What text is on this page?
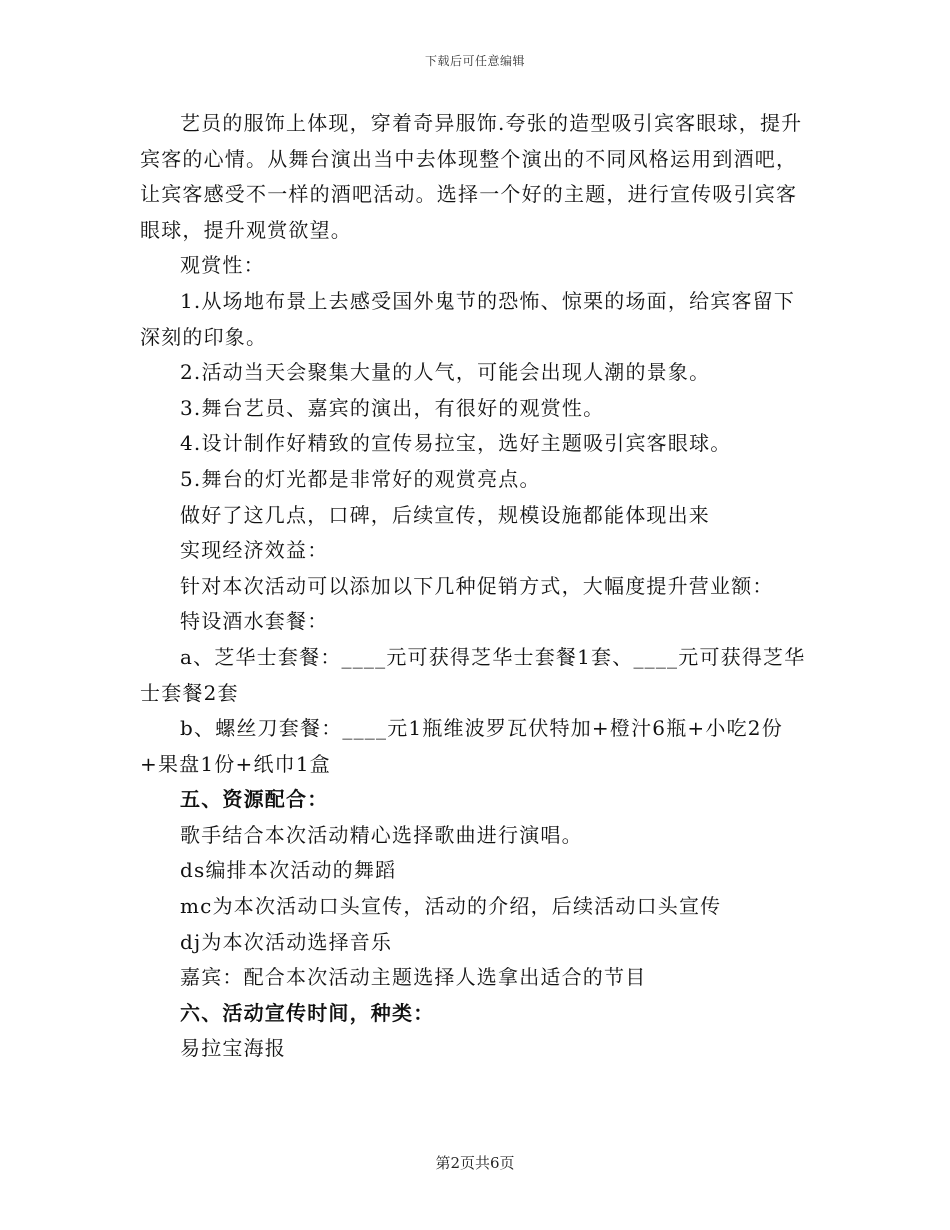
下载后可任意编辑

艺员的服饰上体现，穿着奇异服饰.夸张的造型吸引宾客眼球，提升宾客的心情。从舞台演出当中去体现整个演出的不同风格运用到酒吧，让宾客感受不一样的酒吧活动。选择一个好的主题，进行宣传吸引宾客眼球，提升观赏欲望。

观赏性：

1.从场地布景上去感受国外鬼节的恐怖、惊栗的场面，给宾客留下深刻的印象。

2.活动当天会聚集大量的人气，可能会出现人潮的景象。

3.舞台艺员、嘉宾的演出，有很好的观赏性。

4.设计制作好精致的宣传易拉宝，选好主题吸引宾客眼球。

5.舞台的灯光都是非常好的观赏亮点。

做好了这几点，口碑，后续宣传，规模设施都能体现出来

实现经济效益：

针对本次活动可以添加以下几种促销方式，大幅度提升营业额：

特设酒水套餐：

a、芝华士套餐：____元可获得芝华士套餐1套、____元可获得芝华士套餐2套

b、螺丝刀套餐：____元1瓶维波罗瓦伏特加+橙汁6瓶+小吃2份+果盘1份+纸巾1盒

五、资源配合：

歌手结合本次活动精心选择歌曲进行演唱。

ds编排本次活动的舞蹈

mc为本次活动口头宣传，活动的介绍，后续活动口头宣传

dj为本次活动选择音乐

嘉宾：配合本次活动主题选择人选拿出适合的节目

六、活动宣传时间，种类：

易拉宝海报

第2页共6页
